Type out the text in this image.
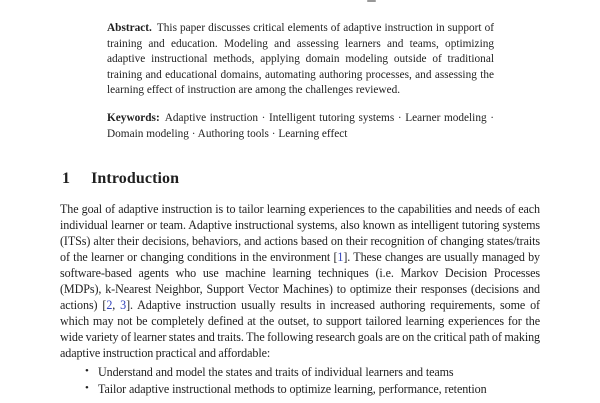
Abstract. This paper discusses critical elements of adaptive instruction in support of training and education. Modeling and assessing learners and teams, optimizing adaptive instructional methods, applying domain modeling outside of traditional training and educational domains, automating authoring processes, and assessing the learning effect of instruction are among the challenges reviewed.

Keywords: Adaptive instruction · Intelligent tutoring systems · Learner modeling · Domain modeling · Authoring tools · Learning effect

1 Introduction

The goal of adaptive instruction is to tailor learning experiences to the capabilities and needs of each individual learner or team. Adaptive instructional systems, also known as intelligent tutoring systems (ITSs) alter their decisions, behaviors, and actions based on their recognition of changing states/traits of the learner or changing conditions in the environment [1]. These changes are usually managed by software-based agents who use machine learning techniques (i.e. Markov Decision Processes (MDPs), k-Nearest Neighbor, Support Vector Machines) to optimize their responses (decisions and actions) [2, 3]. Adaptive instruction usually results in increased authoring requirements, some of which may not be completely defined at the outset, to support tailored learning experiences for the wide variety of learner states and traits. The following research goals are on the critical path of making adaptive instruction practical and affordable:

• Understand and model the states and traits of individual learners and teams
• Tailor adaptive instructional methods to optimize learning, performance, retention
